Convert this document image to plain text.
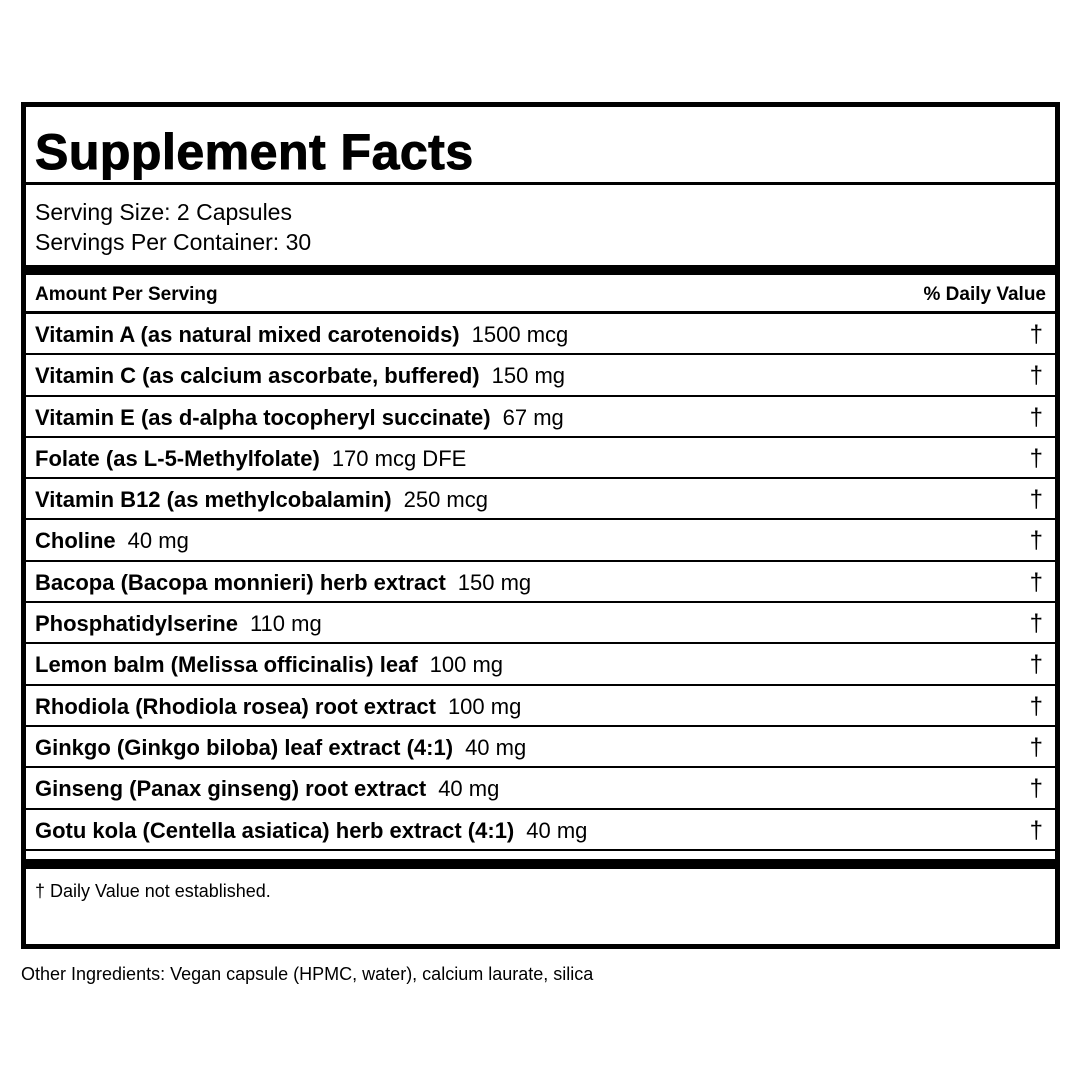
Supplement Facts
Serving Size: 2 Capsules
Servings Per Container: 30
Amount Per Serving	% Daily Value
Vitamin A (as natural mixed carotenoids) 1500 mcg	†
Vitamin C (as calcium ascorbate, buffered) 150 mg	†
Vitamin E (as d-alpha tocopheryl succinate) 67 mg	†
Folate (as L-5-Methylfolate) 170 mcg DFE	†
Vitamin B12 (as methylcobalamin) 250 mcg	†
Choline 40 mg	†
Bacopa (Bacopa monnieri) herb extract 150 mg	†
Phosphatidylserine 110 mg	†
Lemon balm (Melissa officinalis) leaf 100 mg	†
Rhodiola (Rhodiola rosea) root extract 100 mg	†
Ginkgo (Ginkgo biloba) leaf extract (4:1) 40 mg	†
Ginseng (Panax ginseng) root extract 40 mg	†
Gotu kola (Centella asiatica) herb extract (4:1) 40 mg	†
† Daily Value not established.
Other Ingredients: Vegan capsule (HPMC, water), calcium laurate, silica
